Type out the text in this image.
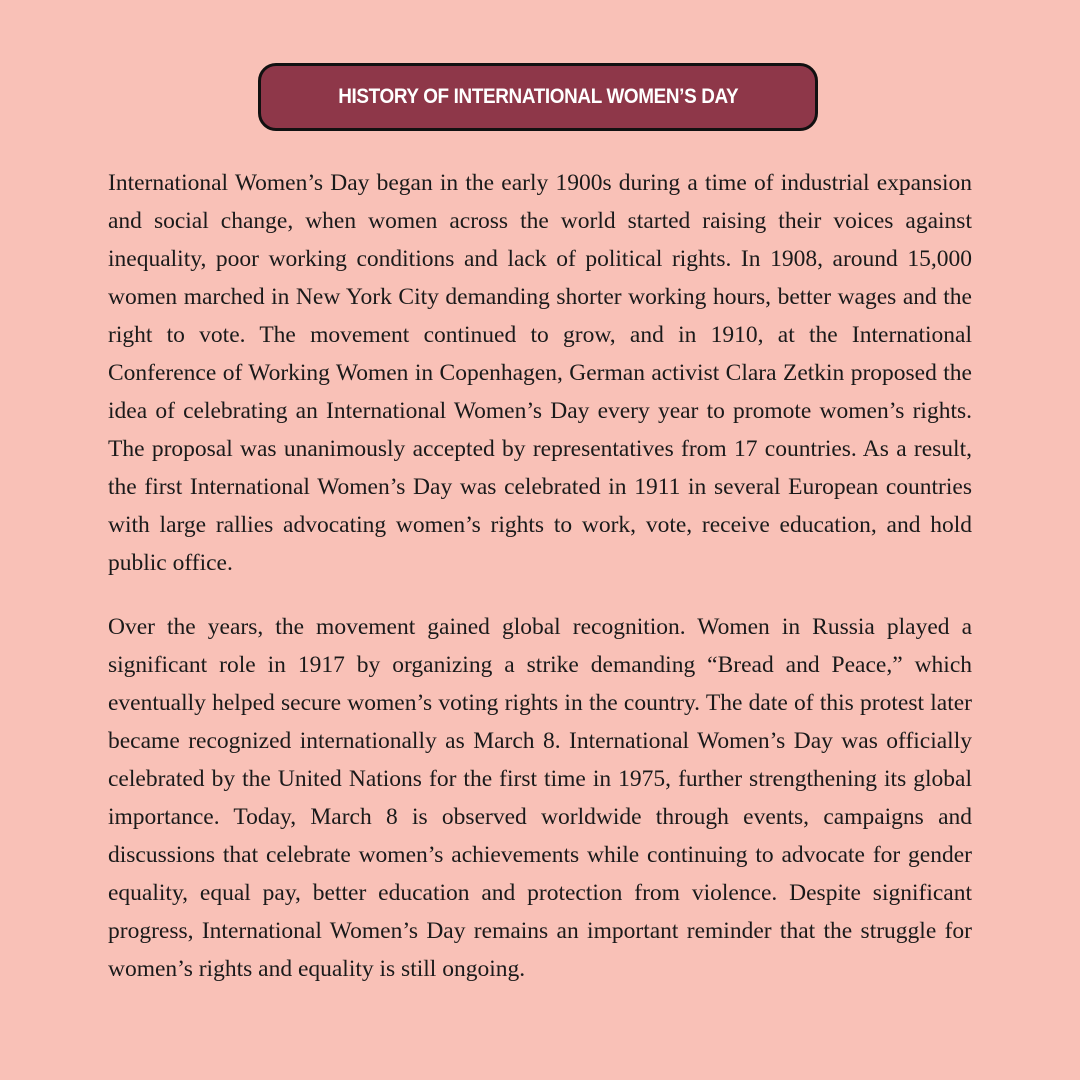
HISTORY OF INTERNATIONAL WOMEN’S DAY

International Women’s Day began in the early 1900s during a time of industrial expansion and social change, when women across the world started raising their voices against inequality, poor working conditions and lack of political rights. In 1908, around 15,000 women marched in New York City demanding shorter working hours, better wages and the right to vote. The movement continued to grow, and in 1910, at the International Conference of Working Women in Copenhagen, German activist Clara Zetkin proposed the idea of celebrating an International Women’s Day every year to promote women’s rights. The proposal was unanimously accepted by representatives from 17 countries. As a result, the first International Women’s Day was celebrated in 1911 in several European countries with large rallies advocating women’s rights to work, vote, receive education, and hold public office.

Over the years, the movement gained global recognition. Women in Russia played a significant role in 1917 by organizing a strike demanding “Bread and Peace,” which eventually helped secure women’s voting rights in the country. The date of this protest later became recognized internationally as March 8. International Women’s Day was officially celebrated by the United Nations for the first time in 1975, further strengthening its global importance. Today, March 8 is observed worldwide through events, campaigns and discussions that celebrate women’s achievements while continuing to advocate for gender equality, equal pay, better education and protection from violence. Despite significant progress, International Women’s Day remains an important reminder that the struggle for women’s rights and equality is still ongoing.
